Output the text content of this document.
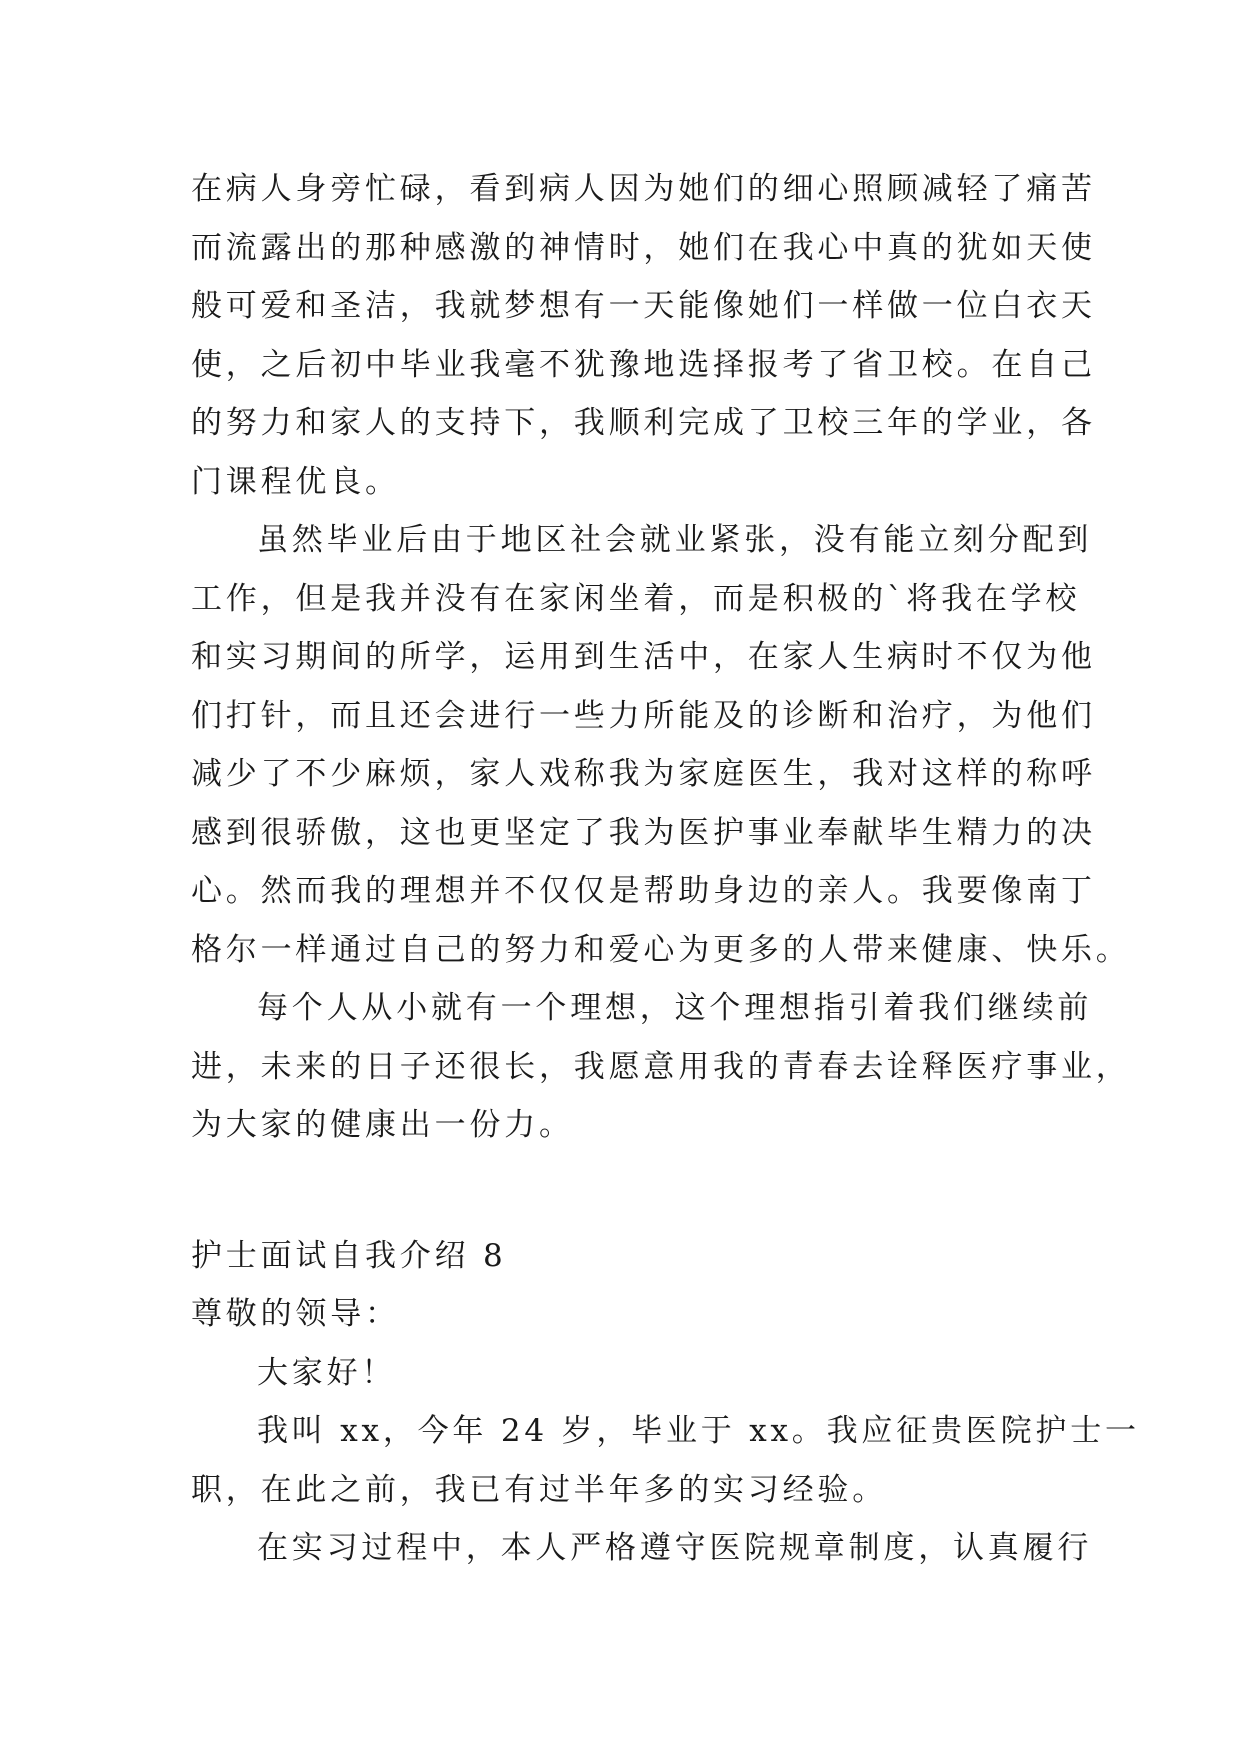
在病人身旁忙碌，看到病人因为她们的细心照顾减轻了痛苦
而流露出的那种感激的神情时，她们在我心中真的犹如天使
般可爱和圣洁，我就梦想有一天能像她们一样做一位白衣天
使，之后初中毕业我毫不犹豫地选择报考了省卫校。在自己
的努力和家人的支持下，我顺利完成了卫校三年的学业，各
门课程优良。
虽然毕业后由于地区社会就业紧张，没有能立刻分配到
工作，但是我并没有在家闲坐着，而是积极的`将我在学校
和实习期间的所学，运用到生活中，在家人生病时不仅为他
们打针，而且还会进行一些力所能及的诊断和治疗，为他们
减少了不少麻烦，家人戏称我为家庭医生，我对这样的称呼
感到很骄傲，这也更坚定了我为医护事业奉献毕生精力的决
心。然而我的理想并不仅仅是帮助身边的亲人。我要像南丁
格尔一样通过自己的努力和爱心为更多的人带来健康、快乐。
每个人从小就有一个理想，这个理想指引着我们继续前
进，未来的日子还很长，我愿意用我的青春去诠释医疗事业，
为大家的健康出一份力。
护士面试自我介绍 8
尊敬的领导：
大家好！
我叫 xx，今年 24 岁，毕业于 xx。我应征贵医院护士一
职，在此之前，我已有过半年多的实习经验。
在实习过程中，本人严格遵守医院规章制度，认真履行
